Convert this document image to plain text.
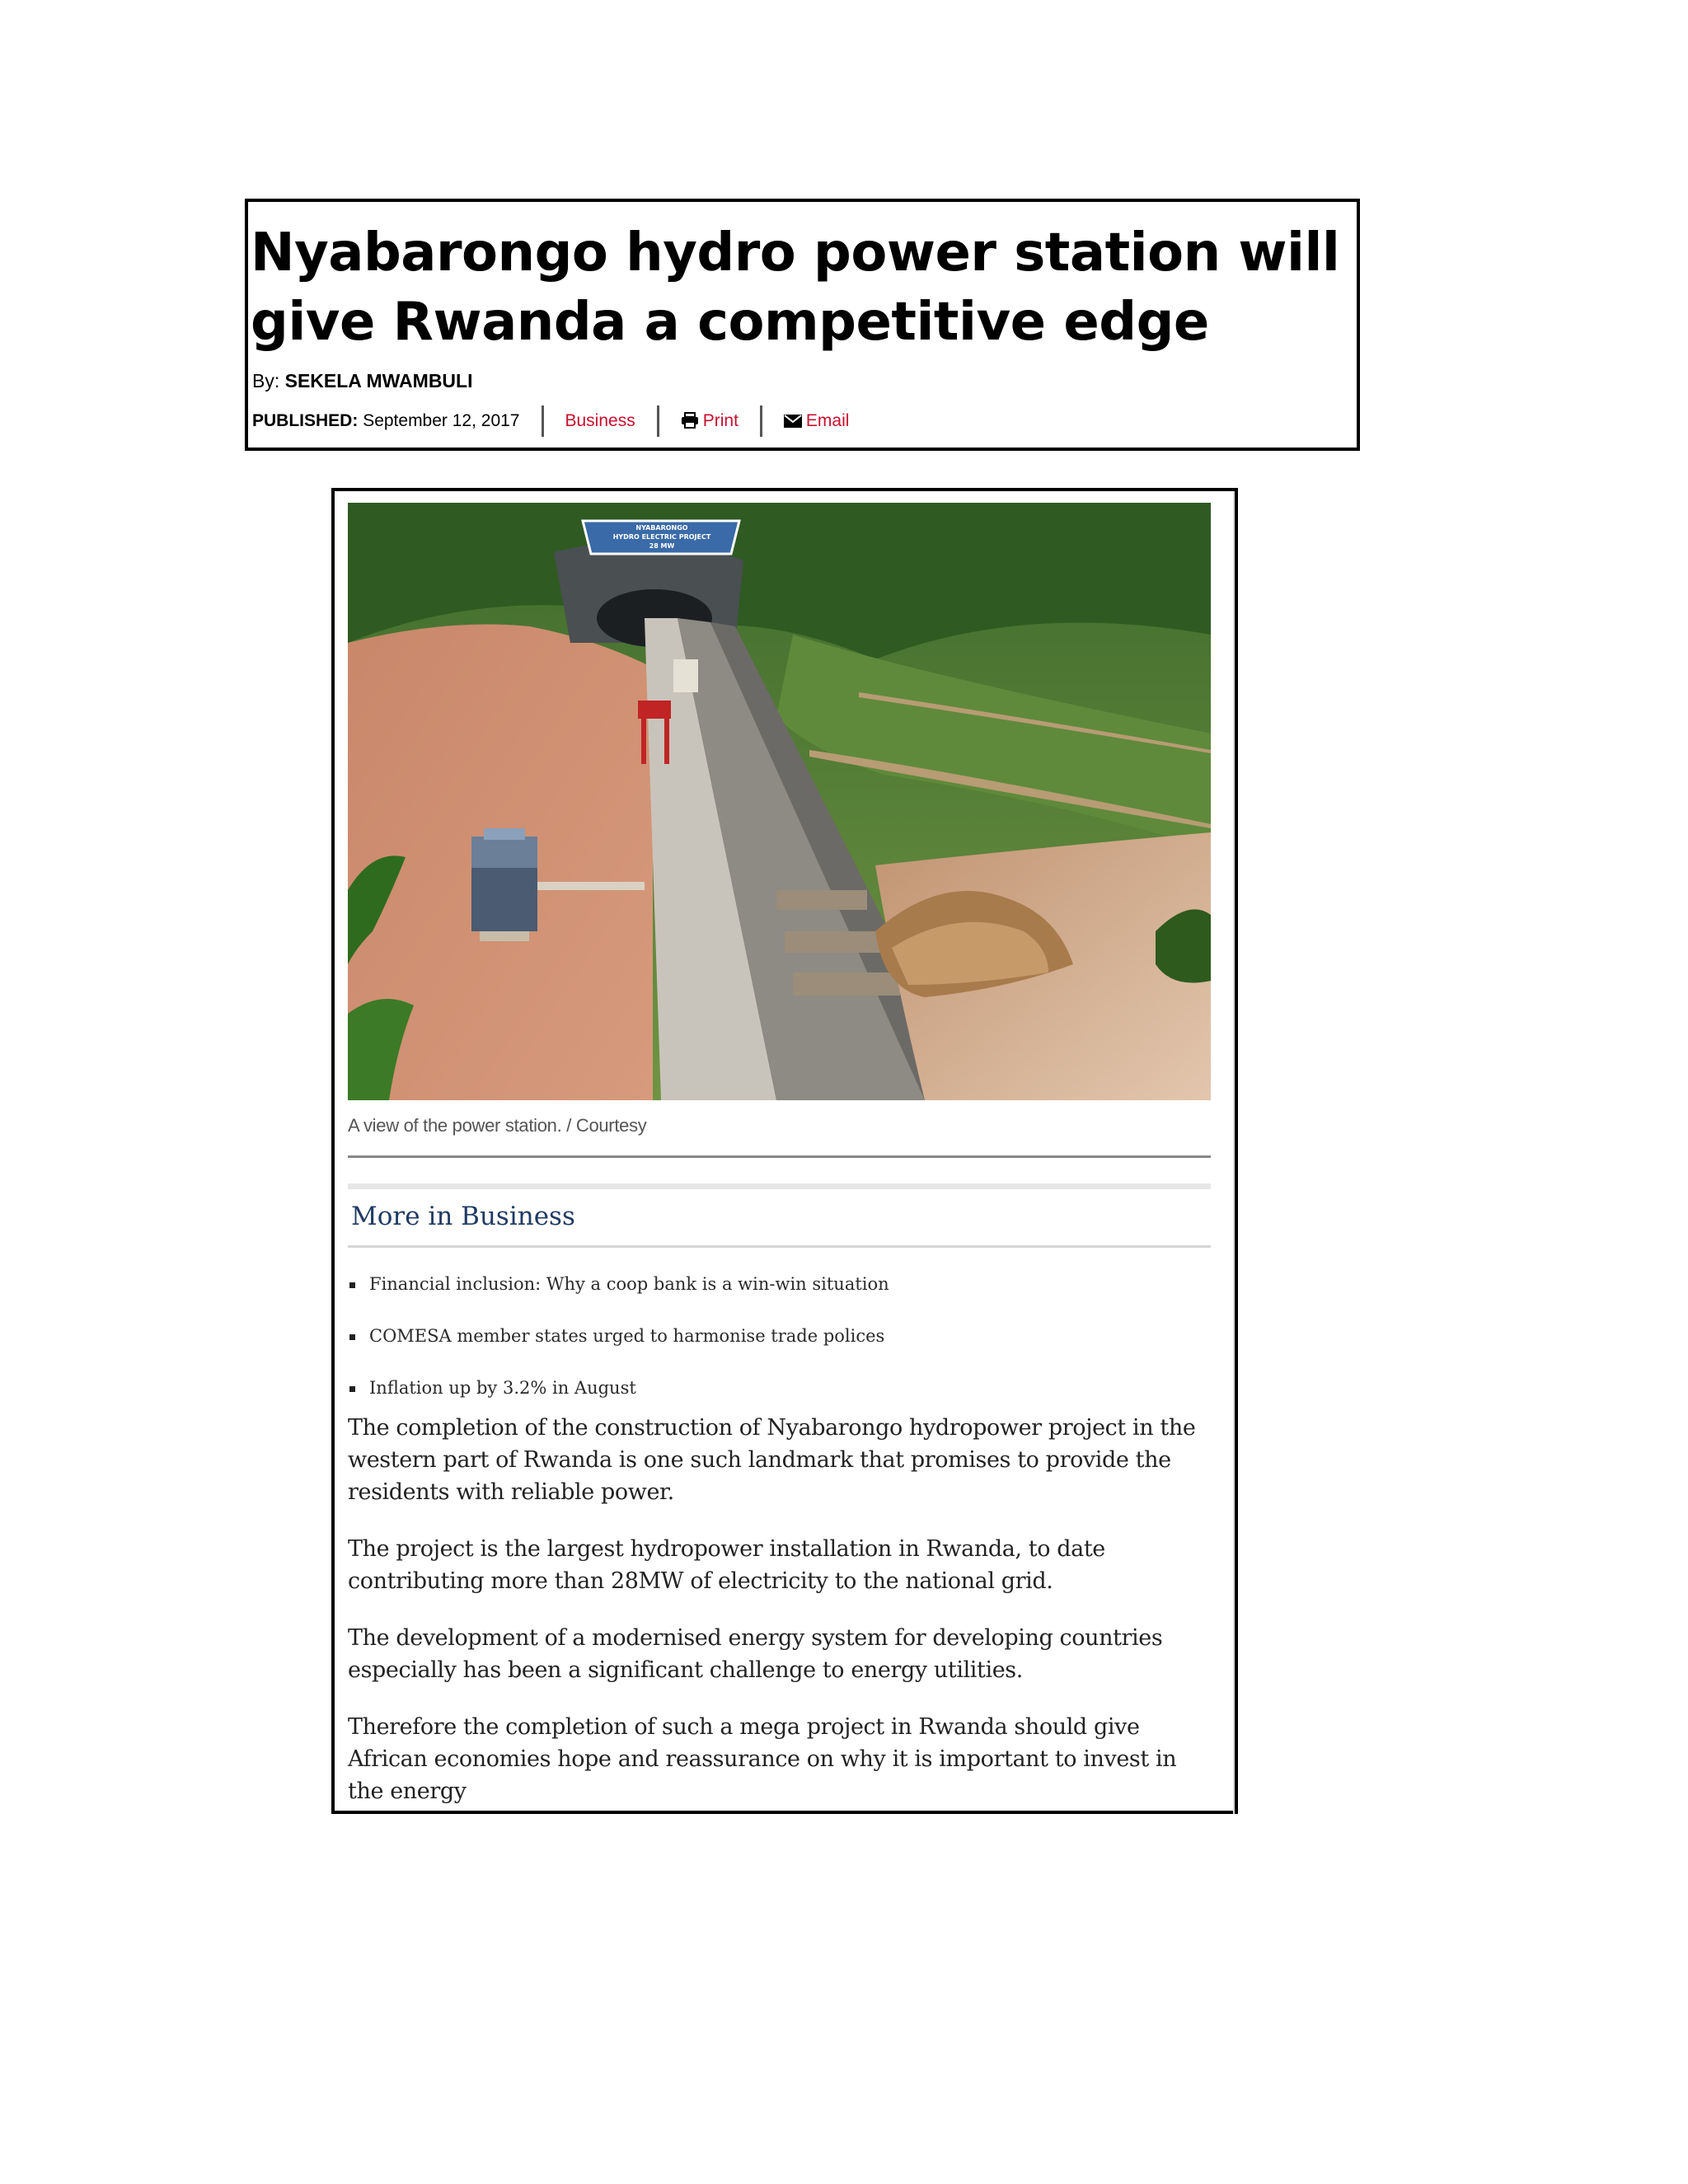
Nyabarongo hydro power station will give Rwanda a competitive edge
By: SEKELA MWAMBULI
PUBLISHED:
September 12, 2017	Business	Print	Email
NYABARONGO
HYDRO ELECTRIC PROJECT
28 MW
A view of the power station. / Courtesy
More in Business
Financial inclusion: Why a coop bank is a win-win situation
COMESA member states urged to harmonise trade polices
Inflation up by 3.2% in August

The completion of the construction of Nyabarongo hydropower project in the western part of Rwanda is one such landmark that promises to provide the residents with reliable power.

The project is the largest hydropower installation in Rwanda, to date contributing more than 28MW of electricity to the national grid.

The development of a modernised energy system for developing countries especially has been a significant challenge to energy utilities.

Therefore the completion of such a mega project in Rwanda should give African economies hope and reassurance on why it is important to invest in the energy
